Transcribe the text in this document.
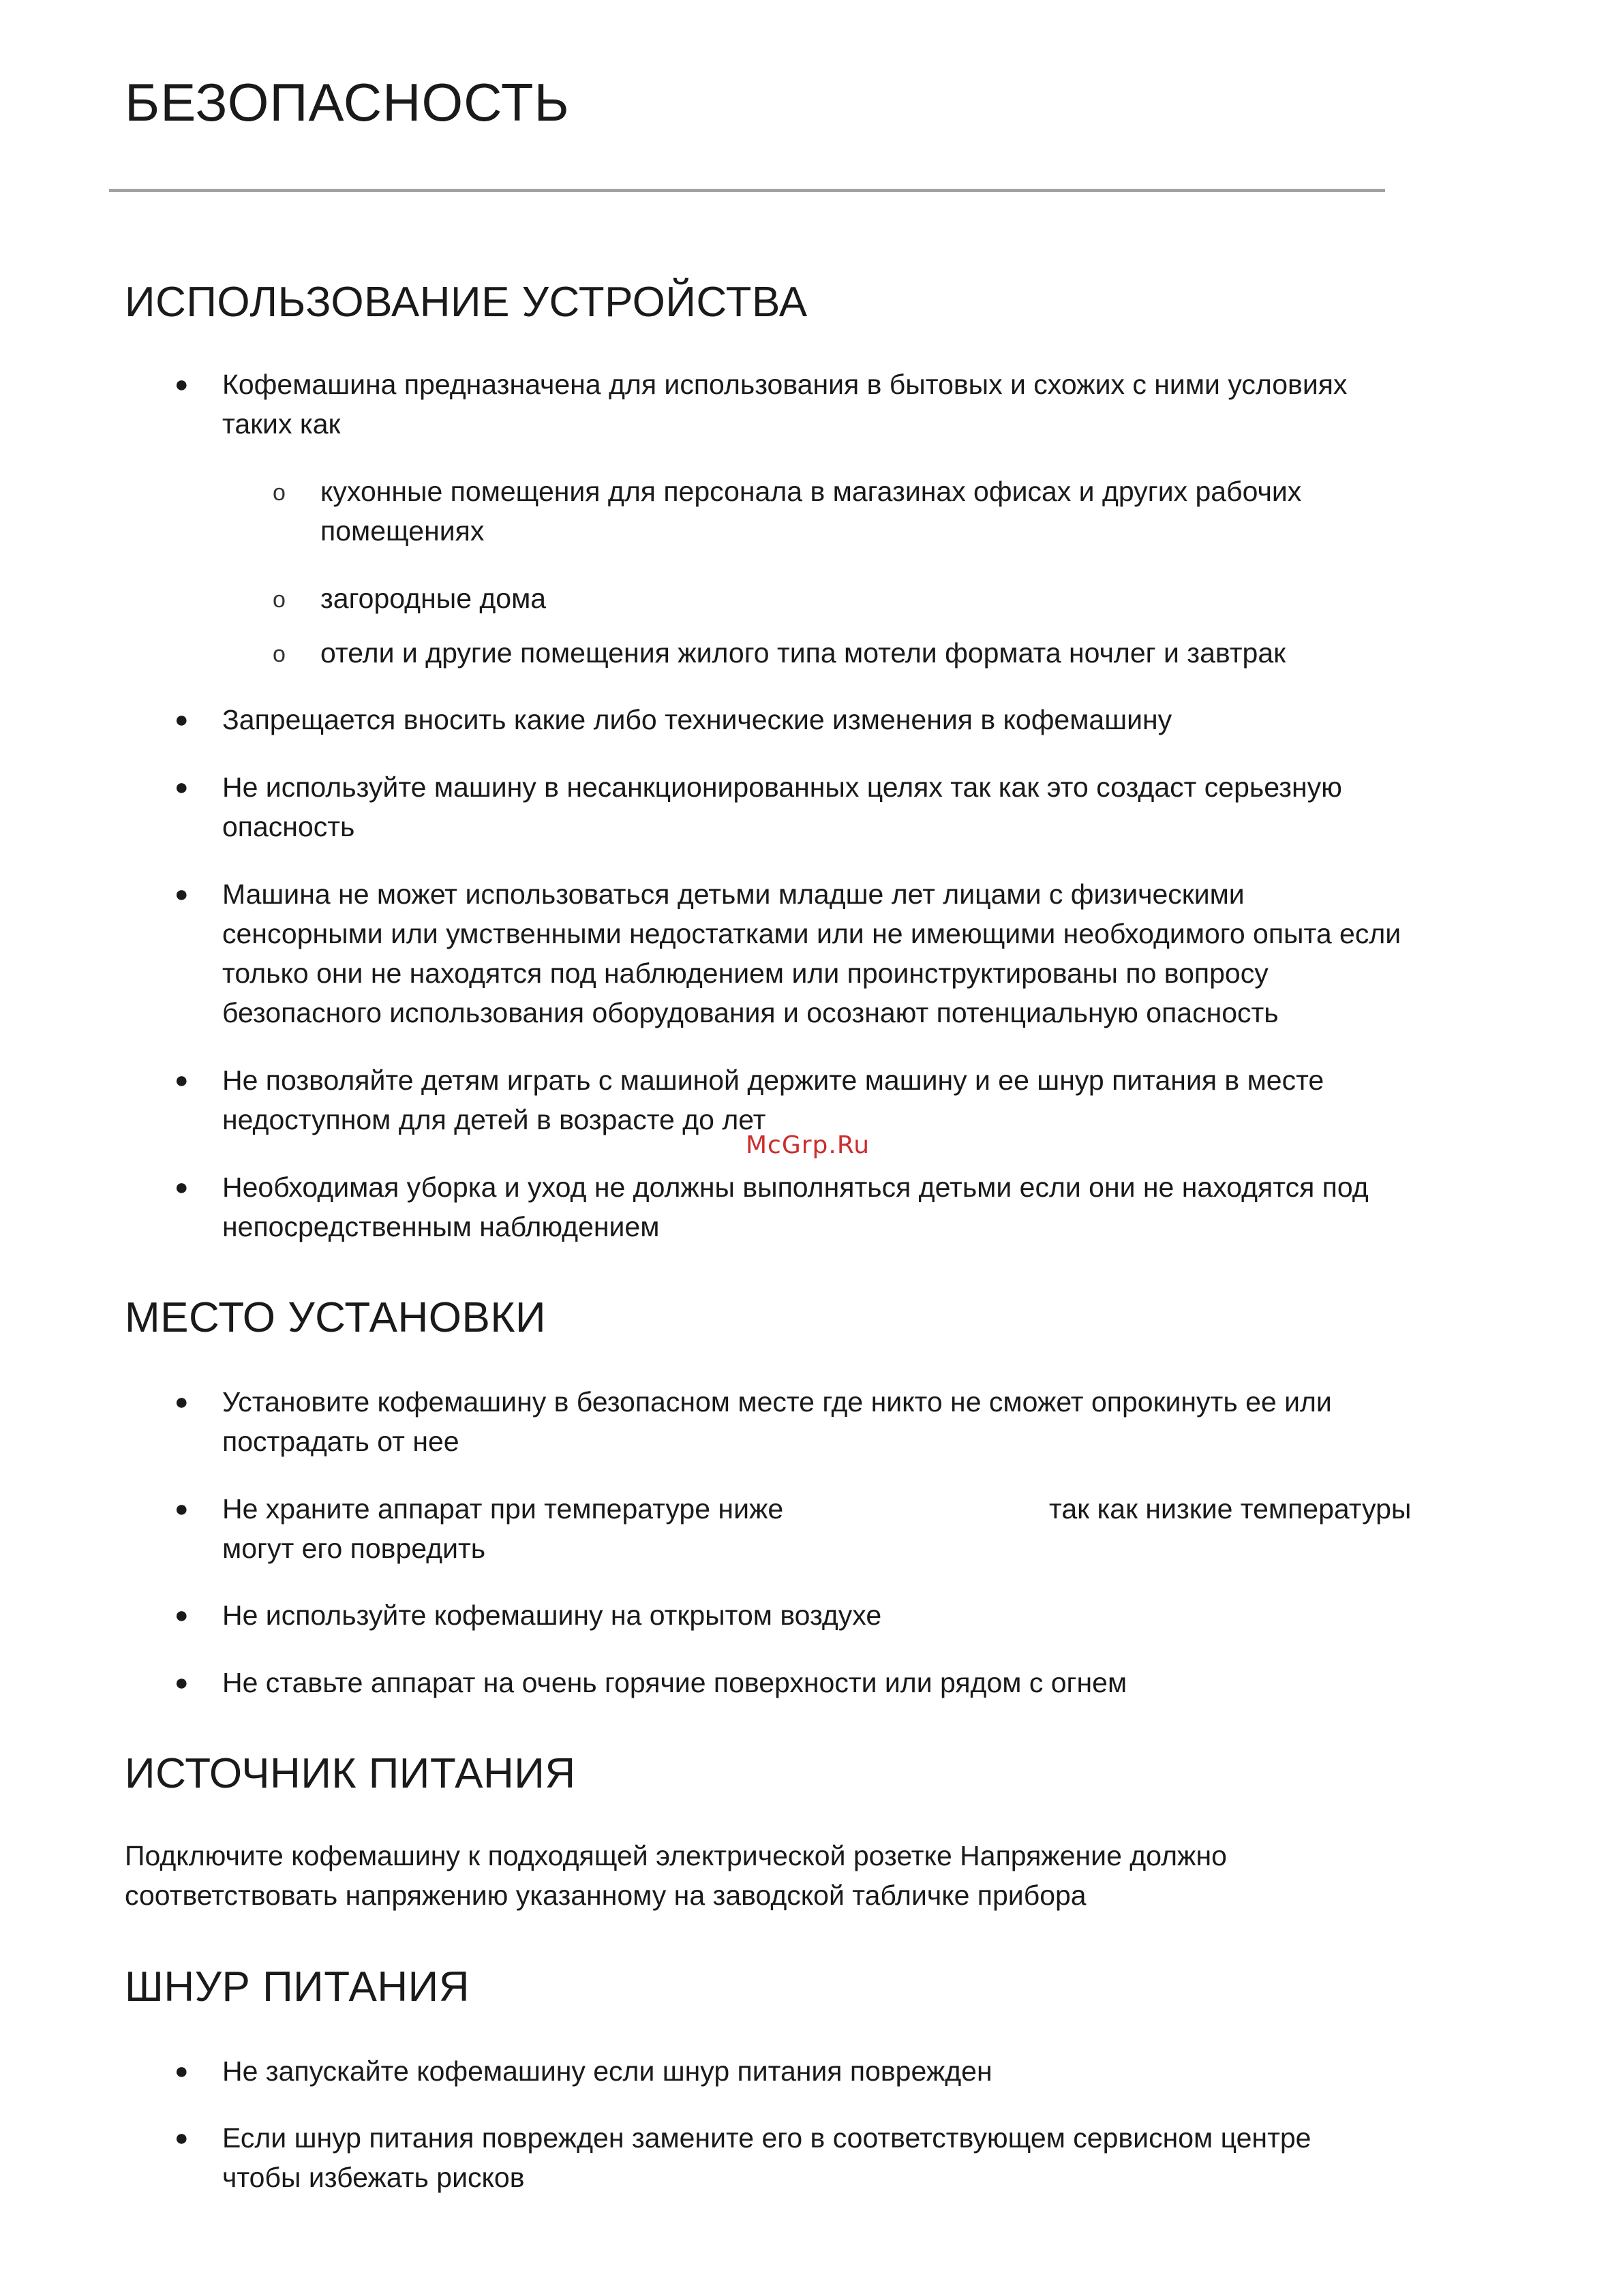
БЕЗОПАСНОСТЬ
ИСПОЛЬЗОВАНИЕ УСТРОЙСТВА
● Кофемашина предназначена для использования в бытовых и схожих с ними условиях
таких как
o кухонные помещения для персонала в магазинах офисах и других рабочих
помещениях
o загородные дома
o отели и другие помещения жилого типа мотели формата ночлег и завтрак
● Запрещается вносить какие либо технические изменения в кофемашину
● Не используйте машину в несанкционированных целях так как это создаст серьезную
опасность
● Машина не может использоваться детьми младше лет лицами с физическими
сенсорными или умственными недостатками или не имеющими необходимого опыта если
только они не находятся под наблюдением или проинструктированы по вопросу
безопасного использования оборудования и осознают потенциальную опасность
● Не позволяйте детям играть с машиной держите машину и ее шнур питания в месте
недоступном для детей в возрасте до лет
McGrp.Ru
● Необходимая уборка и уход не должны выполняться детьми если они не находятся под
непосредственным наблюдением
МЕСТО УСТАНОВКИ
● Установите кофемашину в безопасном месте где никто не сможет опрокинуть ее или
пострадать от нее
● Не храните аппарат при температуре ниже	так как низкие температуры
могут его повредить
● Не используйте кофемашину на открытом воздухе
● Не ставьте аппарат на очень горячие поверхности или рядом с огнем
ИСТОЧНИК ПИТАНИЯ
Подключите кофемашину к подходящей электрической розетке Напряжение должно
соответствовать напряжению указанному на заводской табличке прибора
ШНУР ПИТАНИЯ
● Не запускайте кофемашину если шнур питания поврежден
● Если шнур питания поврежден замените его в соответствующем сервисном центре
чтобы избежать рисков
